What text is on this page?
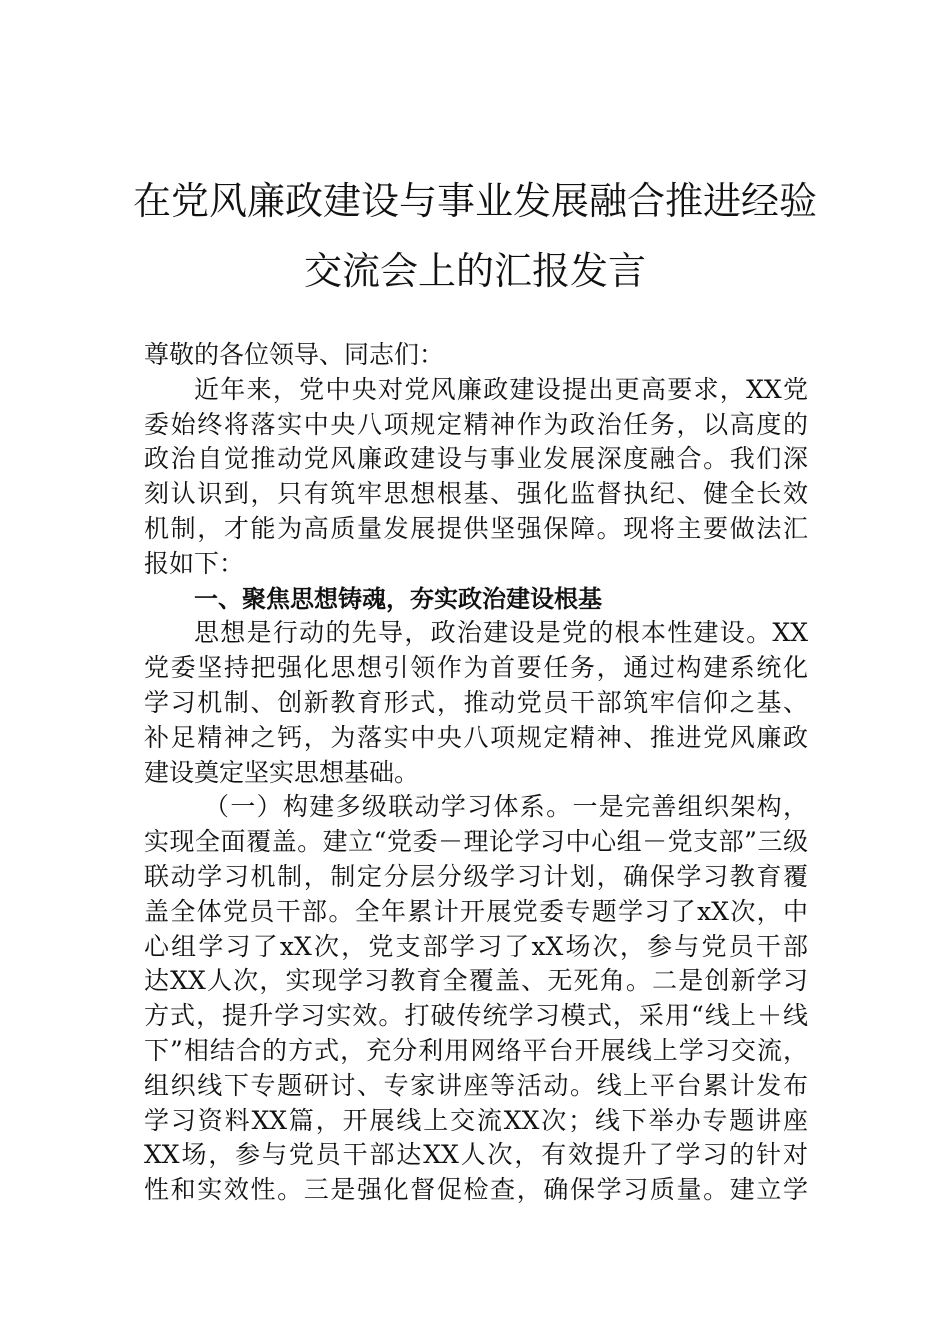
在党风廉政建设与事业发展融合推进经验
交流会上的汇报发言
尊敬的各位领导、同志们：
近年来，党中央对党风廉政建设提出更高要求，XX党
委始终将落实中央八项规定精神作为政治任务，以高度的
政治自觉推动党风廉政建设与事业发展深度融合。我们深
刻认识到，只有筑牢思想根基、强化监督执纪、健全长效
机制，才能为高质量发展提供坚强保障。现将主要做法汇
报如下：
一、聚焦思想铸魂，夯实政治建设根基
思想是行动的先导，政治建设是党的根本性建设。XX
党委坚持把强化思想引领作为首要任务，通过构建系统化
学习机制、创新教育形式，推动党员干部筑牢信仰之基、
补足精神之钙，为落实中央八项规定精神、推进党风廉政
建设奠定坚实思想基础。
（一）构建多级联动学习体系。一是完善组织架构，
实现全面覆盖。建立“党委－理论学习中心组－党支部”三级
联动学习机制，制定分层分级学习计划，确保学习教育覆
盖全体党员干部。全年累计开展党委专题学习了xX次，中
心组学习了xX次，党支部学习了xX场次，参与党员干部
达XX人次，实现学习教育全覆盖、无死角。二是创新学习
方式，提升学习实效。打破传统学习模式，采用“线上＋线
下”相结合的方式，充分利用网络平台开展线上学习交流，
组织线下专题研讨、专家讲座等活动。线上平台累计发布
学习资料XX篇，开展线上交流XX次；线下举办专题讲座
XX场，参与党员干部达XX人次，有效提升了学习的针对
性和实效性。三是强化督促检查，确保学习质量。建立学
